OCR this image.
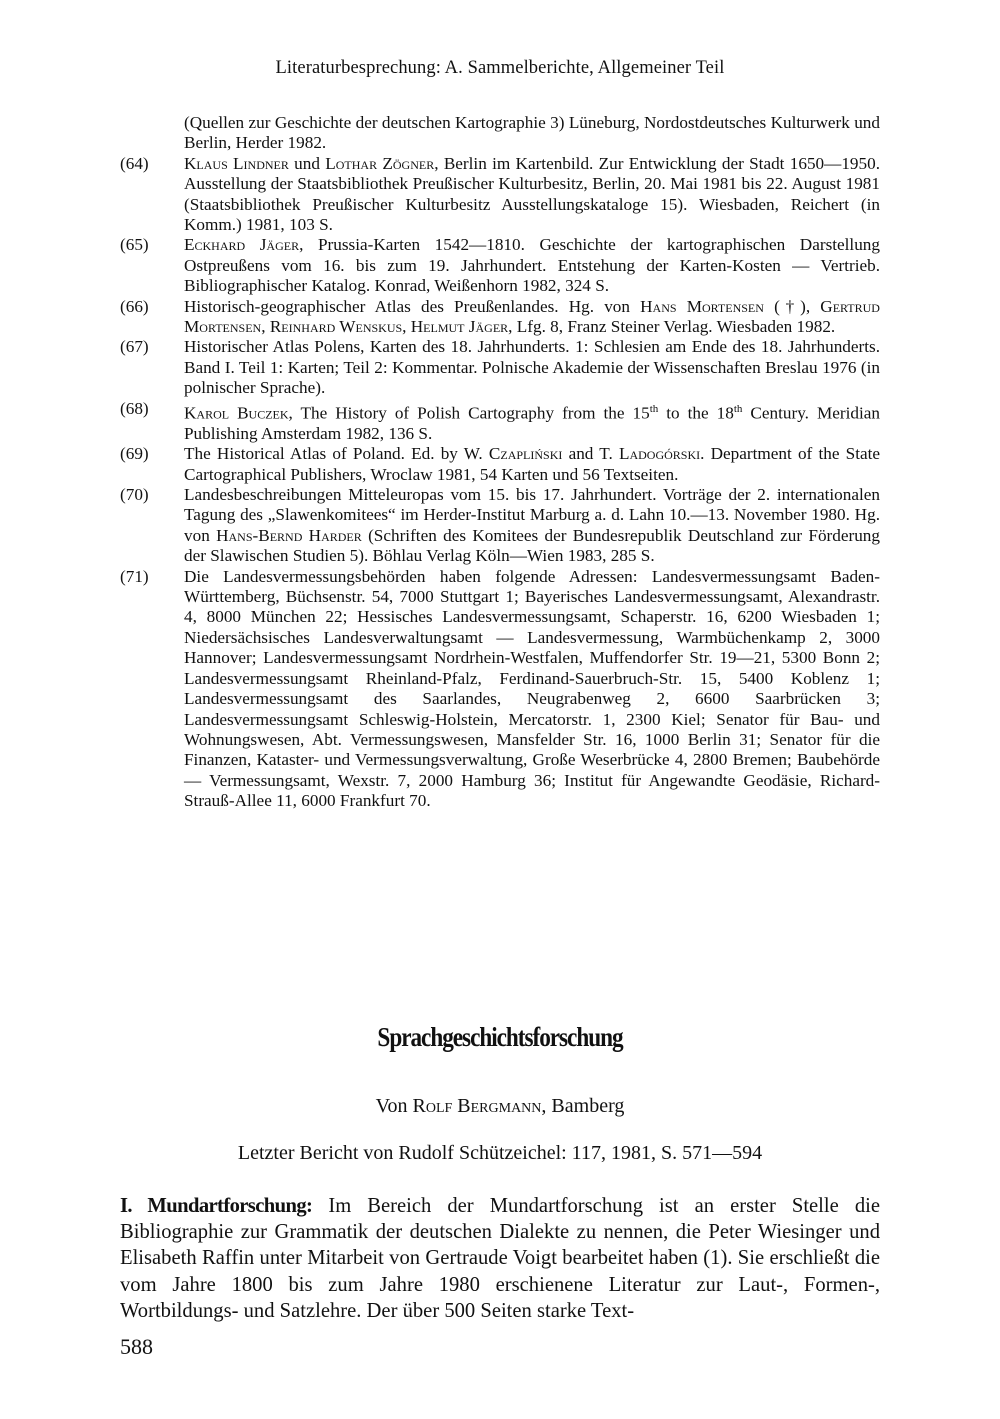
Literaturbesprechung: A. Sammelberichte, Allgemeiner Teil
(Quellen zur Geschichte der deutschen Kartographie 3) Lüneburg, Nordostdeutsches Kulturwerk und Berlin, Herder 1982.
(64) Klaus Lindner und Lothar Zögner, Berlin im Kartenbild. Zur Entwicklung der Stadt 1650—1950. Ausstellung der Staatsbibliothek Preußischer Kulturbesitz, Berlin, 20. Mai 1981 bis 22. August 1981 (Staatsbibliothek Preußischer Kulturbesitz Ausstellungskataloge 15). Wiesbaden, Reichert (in Komm.) 1981, 103 S.
(65) Eckhard Jäger, Prussia-Karten 1542—1810. Geschichte der kartographischen Darstellung Ostpreußens vom 16. bis zum 19. Jahrhundert. Entstehung der Karten-Kosten — Vertrieb. Bibliographischer Katalog. Konrad, Weißenhorn 1982, 324 S.
(66) Historisch-geographischer Atlas des Preußenlandes. Hg. von Hans Mortensen (†), Gertrud Mortensen, Reinhard Wenskus, Helmut Jäger, Lfg. 8, Franz Steiner Verlag. Wiesbaden 1982.
(67) Historischer Atlas Polens, Karten des 18. Jahrhunderts. 1: Schlesien am Ende des 18. Jahrhunderts. Band I. Teil 1: Karten; Teil 2: Kommentar. Polnische Akademie der Wissenschaften Breslau 1976 (in polnischer Sprache).
(68) Karol Buczek, The History of Polish Cartography from the 15th to the 18th Century. Meridian Publishing Amsterdam 1982, 136 S.
(69) The Historical Atlas of Poland. Ed. by W. Czapliński and T. Ladogórski. Department of the State Cartographical Publishers, Wroclaw 1981, 54 Karten und 56 Textseiten.
(70) Landesbeschreibungen Mitteleuropas vom 15. bis 17. Jahrhundert. Vorträge der 2. internationalen Tagung des „Slawenkomitees“ im Herder-Institut Marburg a. d. Lahn 10.—13. November 1980. Hg. von Hans-Bernd Harder (Schriften des Komitees der Bundesrepublik Deutschland zur Förderung der Slawischen Studien 5). Böhlau Verlag Köln—Wien 1983, 285 S.
(71) Die Landesvermessungsbehörden haben folgende Adressen: Landesvermessungsamt Baden-Württemberg, Büchsenstr. 54, 7000 Stuttgart 1; Bayerisches Landesvermessungsamt, Alexandrastr. 4, 8000 München 22; Hessisches Landesvermessungsamt, Schaperstr. 16, 6200 Wiesbaden 1; Niedersächsisches Landesverwaltungsamt — Landesvermessung, Warmbüchenkamp 2, 3000 Hannover; Landesvermessungsamt Nordrhein-Westfalen, Muffendorfer Str. 19—21, 5300 Bonn 2; Landesvermessungsamt Rheinland-Pfalz, Ferdinand-Sauerbruch-Str. 15, 5400 Koblenz 1; Landesvermessungsamt des Saarlandes, Neugrabenweg 2, 6600 Saarbrücken 3; Landesvermessungsamt Schleswig-Holstein, Mercatorstr. 1, 2300 Kiel; Senator für Bau- und Wohnungswesen, Abt. Vermessungswesen, Mansfelder Str. 16, 1000 Berlin 31; Senator für die Finanzen, Kataster- und Vermessungsverwaltung, Große Weserbrücke 4, 2800 Bremen; Baubehörde — Vermessungsamt, Wexstr. 7, 2000 Hamburg 36; Institut für Angewandte Geodäsie, Richard-Strauß-Allee 11, 6000 Frankfurt 70.
Sprachgeschichtsforschung
Von Rolf Bergmann, Bamberg
Letzter Bericht von Rudolf Schützeichel: 117, 1981, S. 571—594
I. Mundartforschung: Im Bereich der Mundartforschung ist an erster Stelle die Bibliographie zur Grammatik der deutschen Dialekte zu nennen, die Peter Wiesinger und Elisabeth Raffin unter Mitarbeit von Gertraude Voigt bearbeitet haben (1). Sie erschließt die vom Jahre 1800 bis zum Jahre 1980 erschienene Literatur zur Laut-, Formen-, Wortbildungs- und Satzlehre. Der über 500 Seiten starke Text-
588
